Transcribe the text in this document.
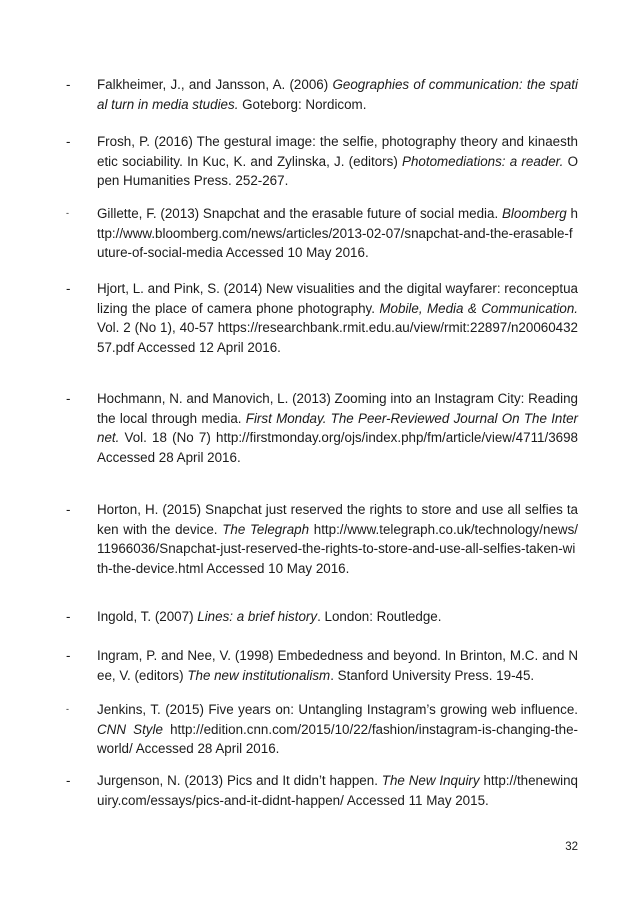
- Falkheimer, J., and Jansson, A. (2006) Geographies of communication: the spatial turn in media studies. Goteborg: Nordicom.
- Frosh, P. (2016) The gestural image: the selfie, photography theory and kinaesthetic sociability. In Kuc, K. and Zylinska, J. (editors) Photomediations: a reader. Open Humanities Press. 252-267.
- Gillette, F. (2013) Snapchat and the erasable future of social media. Bloomberg http://www.bloomberg.com/news/articles/2013-02-07/snapchat-and-the-erasable-future-of-social-media Accessed 10 May 2016.
- Hjort, L. and Pink, S. (2014) New visualities and the digital wayfarer: reconceptualizing the place of camera phone photography. Mobile, Media & Communication. Vol. 2 (No 1), 40-57 https://researchbank.rmit.edu.au/view/rmit:22897/n2006043257.pdf Accessed 12 April 2016.
- Hochmann, N. and Manovich, L. (2013) Zooming into an Instagram City: Reading the local through media. First Monday. The Peer-Reviewed Journal On The Internet. Vol. 18 (No 7) http://firstmonday.org/ojs/index.php/fm/article/view/4711/3698 Accessed 28 April 2016.
- Horton, H. (2015) Snapchat just reserved the rights to store and use all selfies taken with the device. The Telegraph http://www.telegraph.co.uk/technology/news/11966036/Snapchat-just-reserved-the-rights-to-store-and-use-all-selfies-taken-with-the-device.html Accessed 10 May 2016.
- Ingold, T. (2007) Lines: a brief history. London: Routledge.
- Ingram, P. and Nee, V. (1998) Embededness and beyond. In Brinton, M.C. and Nee, V. (editors) The new institutionalism. Stanford University Press. 19-45.
- Jenkins, T. (2015) Five years on: Untangling Instagram’s growing web influence. CNN Style http://edition.cnn.com/2015/10/22/fashion/instagram-is-changing-the-world/ Accessed 28 April 2016.
- Jurgenson, N. (2013) Pics and It didn’t happen. The New Inquiry http://thenewinquiry.com/essays/pics-and-it-didnt-happen/ Accessed 11 May 2015.
32
